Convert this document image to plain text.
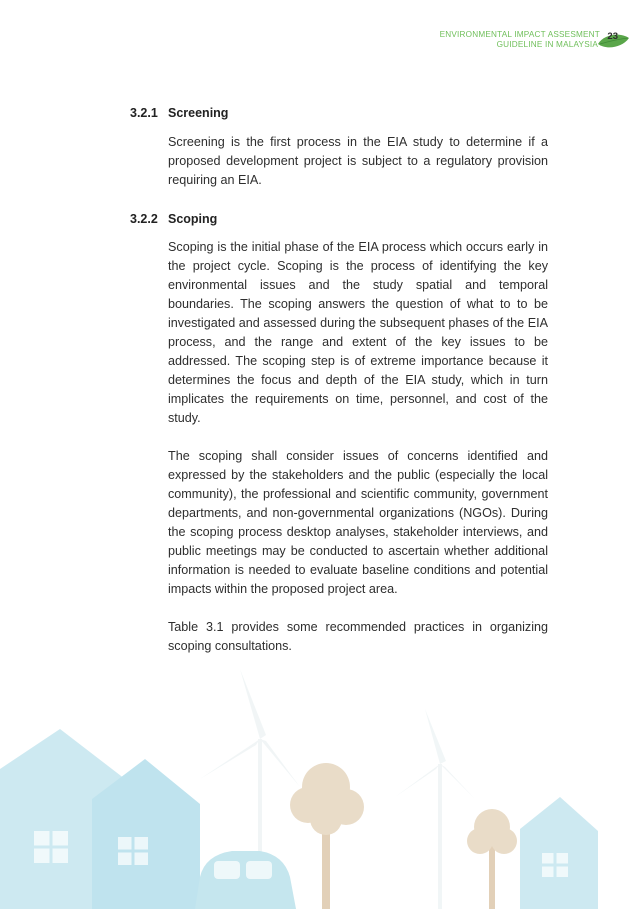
ENVIRONMENTAL IMPACT ASSESMENT
GUIDELINE IN MALAYSIA
23
3.2.1 Screening

Screening is the first process in the EIA study to determine if a proposed development project is subject to a regulatory provision requiring an EIA.

3.2.2 Scoping

Scoping is the initial phase of the EIA process which occurs early in the project cycle. Scoping is the process of identifying the key environmental issues and the study spatial and temporal boundaries. The scoping answers the question of what to to be investigated and assessed during the subsequent phases of the EIA process, and the range and extent of the key issues to be addressed. The scoping step is of extreme importance because it determines the focus and depth of the EIA study, which in turn implicates the requirements on time, personnel, and cost of the study.

The scoping shall consider issues of concerns identified and expressed by the stakeholders and the public (especially the local community), the professional and scientific community, government departments, and non-governmental organizations (NGOs). During the scoping process desktop analyses, stakeholder interviews, and public meetings may be conducted to ascertain whether additional information is needed to evaluate baseline conditions and potential impacts within the proposed project area.

Table 3.1 provides some recommended practices in organizing scoping consultations.
